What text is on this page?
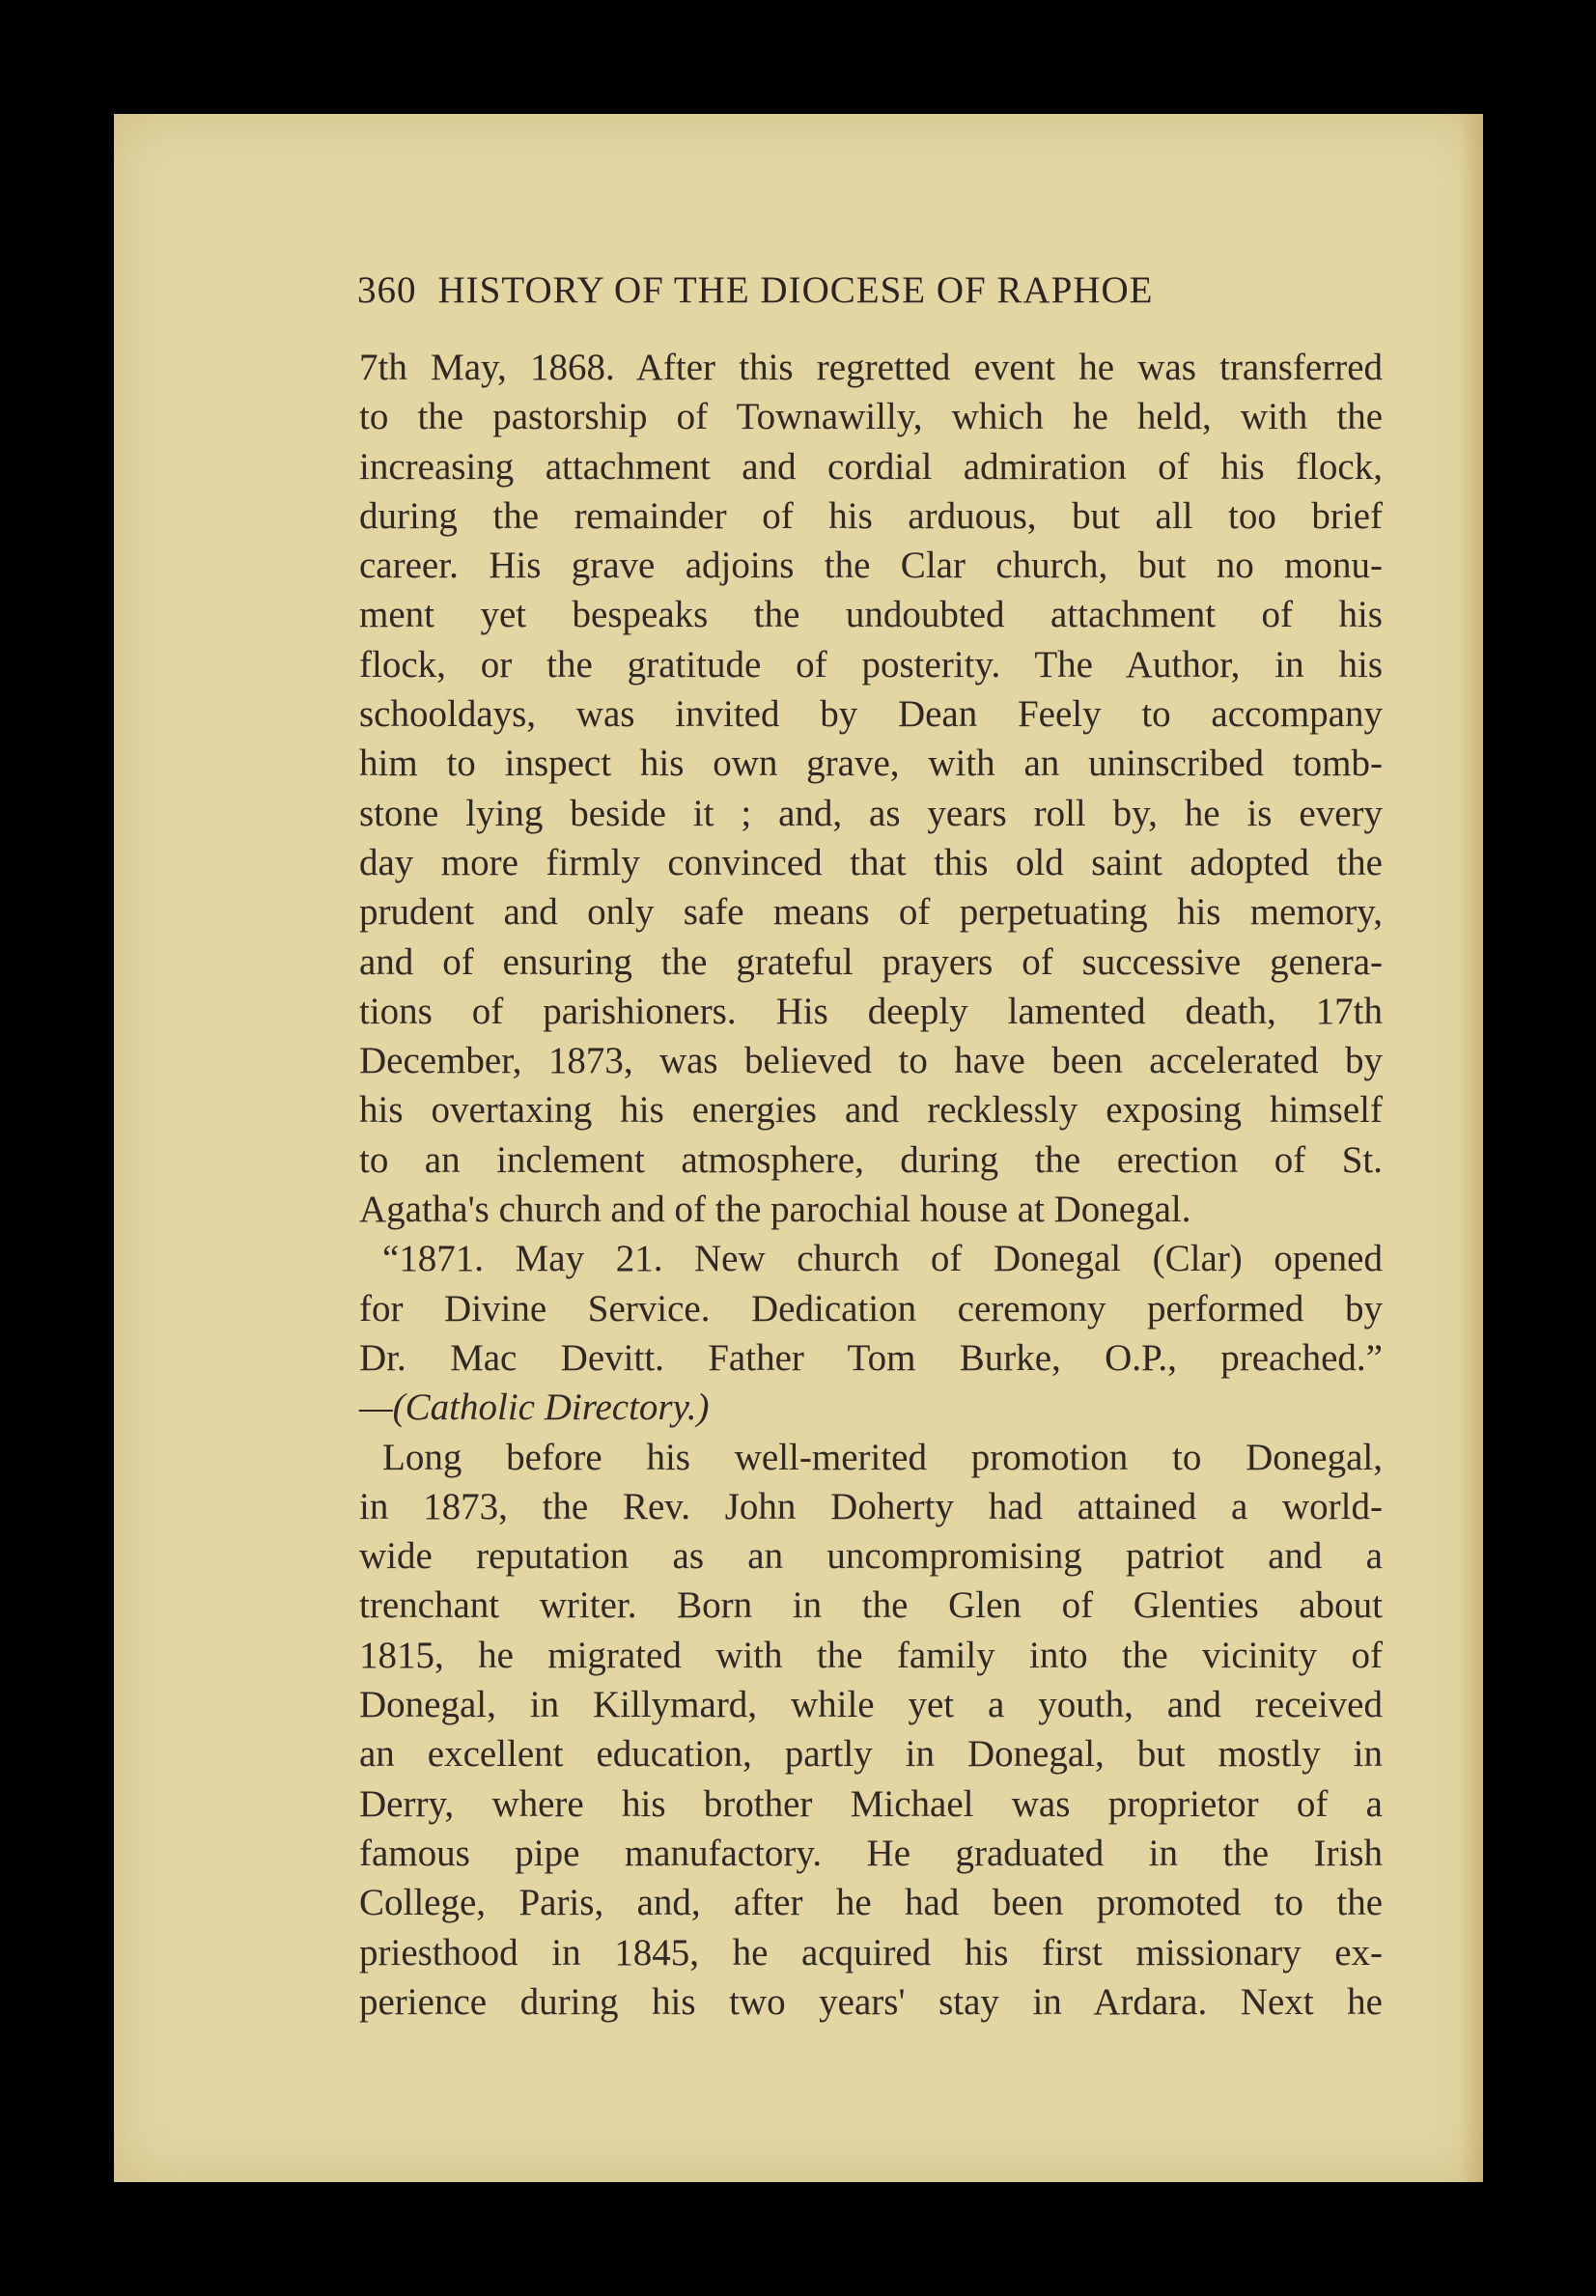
360 HISTORY OF THE DIOCESE OF RAPHOE
7th May, 1868. After this regretted event he was transferred
to the pastorship of Townawilly, which he held, with the
increasing attachment and cordial admiration of his flock,
during the remainder of his arduous, but all too brief
career. His grave adjoins the Clar church, but no monu-
ment yet bespeaks the undoubted attachment of his
flock, or the gratitude of posterity. The Author, in his
schooldays, was invited by Dean Feely to accompany
him to inspect his own grave, with an uninscribed tomb-
stone lying beside it ; and, as years roll by, he is every
day more firmly convinced that this old saint adopted the
prudent and only safe means of perpetuating his memory,
and of ensuring the grateful prayers of successive genera-
tions of parishioners. His deeply lamented death, 17th
December, 1873, was believed to have been accelerated by
his overtaxing his energies and recklessly exposing himself
to an inclement atmosphere, during the erection of St.
Agatha's church and of the parochial house at Donegal.
“1871. May 21. New church of Donegal (Clar) opened
for Divine Service. Dedication ceremony performed by
Dr. Mac Devitt. Father Tom Burke, O.P., preached.”
—(Catholic Directory.)
Long before his well-merited promotion to Donegal,
in 1873, the Rev. John Doherty had attained a world-
wide reputation as an uncompromising patriot and a
trenchant writer. Born in the Glen of Glenties about
1815, he migrated with the family into the vicinity of
Donegal, in Killymard, while yet a youth, and received
an excellent education, partly in Donegal, but mostly in
Derry, where his brother Michael was proprietor of a
famous pipe manufactory. He graduated in the Irish
College, Paris, and, after he had been promoted to the
priesthood in 1845, he acquired his first missionary ex-
perience during his two years' stay in Ardara. Next he
